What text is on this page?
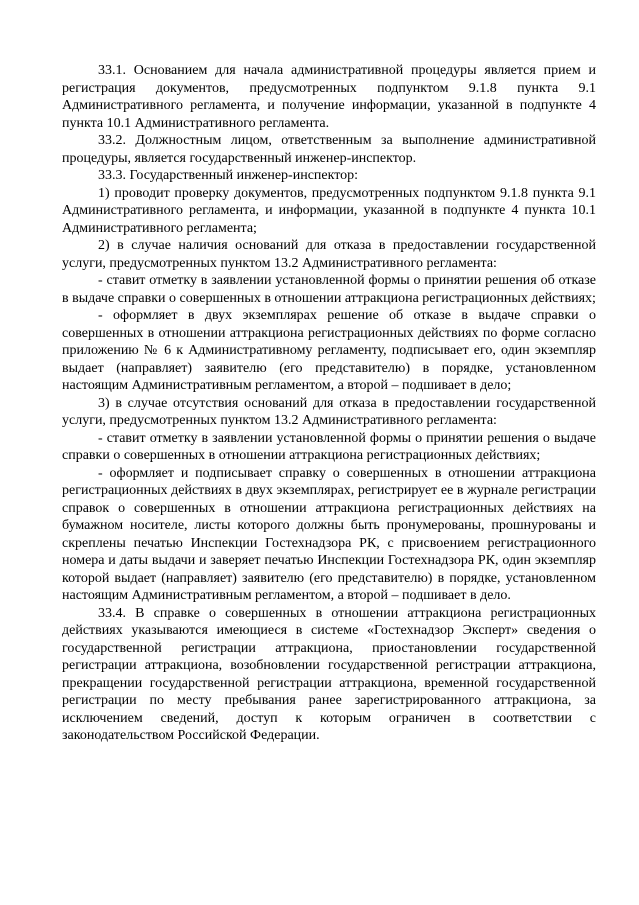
33.1. Основанием для начала административной процедуры является прием и регистрация документов, предусмотренных подпунктом 9.1.8 пункта 9.1 Административного регламента, и получение информации, указанной в подпункте 4 пункта 10.1 Административного регламента.

33.2. Должностным лицом, ответственным за выполнение административной процедуры, является государственный инженер-инспектор.

33.3. Государственный инженер-инспектор:

1) проводит проверку документов, предусмотренных подпунктом 9.1.8 пункта 9.1 Административного регламента, и информации, указанной в подпункте 4 пункта 10.1 Административного регламента;

2) в случае наличия оснований для отказа в предоставлении государственной услуги, предусмотренных пунктом 13.2 Административного регламента:

- ставит отметку в заявлении установленной формы о принятии решения об отказе в выдаче справки о совершенных в отношении аттракциона регистрационных действиях;

- оформляет в двух экземплярах решение об отказе в выдаче справки о совершенных в отношении аттракциона регистрационных действиях по форме согласно приложению № 6 к Административному регламенту, подписывает его, один экземпляр выдает (направляет) заявителю (его представителю) в порядке, установленном настоящим Административным регламентом, а второй – подшивает в дело;

3) в случае отсутствия оснований для отказа в предоставлении государственной услуги, предусмотренных пунктом 13.2 Административного регламента:

- ставит отметку в заявлении установленной формы о принятии решения о выдаче справки о совершенных в отношении аттракциона регистрационных действиях;

- оформляет и подписывает справку о совершенных в отношении аттракциона регистрационных действиях в двух экземплярах, регистрирует ее в журнале регистрации справок о совершенных в отношении аттракциона регистрационных действиях на бумажном носителе, листы которого должны быть пронумерованы, прошнурованы и скреплены печатью Инспекции Гостехнадзора РК, с присвоением регистрационного номера и даты выдачи и заверяет печатью Инспекции Гостехнадзора РК, один экземпляр которой выдает (направляет) заявителю (его представителю) в порядке, установленном настоящим Административным регламентом, а второй – подшивает в дело.

33.4. В справке о совершенных в отношении аттракциона регистрационных действиях указываются имеющиеся в системе «Гостехнадзор Эксперт» сведения о государственной регистрации аттракциона, приостановлении государственной регистрации аттракциона, возобновлении государственной регистрации аттракциона, прекращении государственной регистрации аттракциона, временной государственной регистрации по месту пребывания ранее зарегистрированного аттракциона, за исключением сведений, доступ к которым ограничен в соответствии с законодательством Российской Федерации.
